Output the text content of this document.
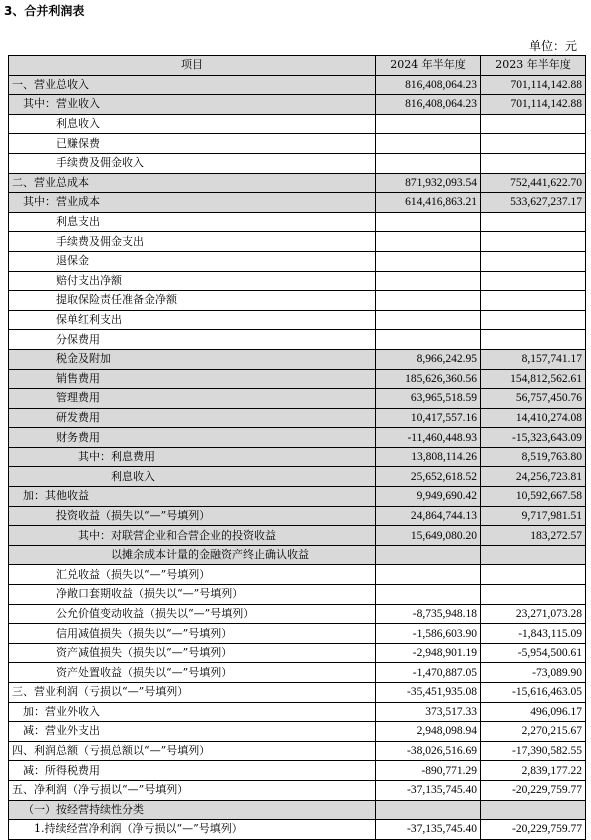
3、合并利润表
单位：元
项目	2024 年半年度	2023 年半年度
一、营业总收入	816,408,064.23	701,114,142.88
其中：营业收入	816,408,064.23	701,114,142.88
利息收入		
已赚保费		
手续费及佣金收入		
二、营业总成本	871,932,093.54	752,441,622.70
其中：营业成本	614,416,863.21	533,627,237.17
利息支出		
手续费及佣金支出		
退保金		
赔付支出净额		
提取保险责任准备金净额		
保单红利支出		
分保费用		
税金及附加	8,966,242.95	8,157,741.17
销售费用	185,626,360.56	154,812,562.61
管理费用	63,965,518.59	56,757,450.76
研发费用	10,417,557.16	14,410,274.08
财务费用	-11,460,448.93	-15,323,643.09
其中：利息费用	13,808,114.26	8,519,763.80
利息收入	25,652,618.52	24,256,723.81
加：其他收益	9,949,690.42	10,592,667.58
投资收益（损失以“—”号填列）	24,864,744.13	9,717,981.51
其中：对联营企业和合营企业的投资收益	15,649,080.20	183,272.57
以摊余成本计量的金融资产终止确认收益		
汇兑收益（损失以“—”号填列）		
净敞口套期收益（损失以“—”号填列）		
公允价值变动收益（损失以“—”号填列）	-8,735,948.18	23,271,073.28
信用减值损失（损失以“—”号填列）	-1,586,603.90	-1,843,115.09
资产减值损失（损失以“—”号填列）	-2,948,901.19	-5,954,500.61
资产处置收益（损失以“—”号填列）	-1,470,887.05	-73,089.90
三、营业利润（亏损以“—”号填列）	-35,451,935.08	-15,616,463.05
加：营业外收入	373,517.33	496,096.17
减：营业外支出	2,948,098.94	2,270,215.67
四、利润总额（亏损总额以“—”号填列）	-38,026,516.69	-17,390,582.55
减：所得税费用	-890,771.29	2,839,177.22
五、净利润（净亏损以“—”号填列）	-37,135,745.40	-20,229,759.77
（一）按经营持续性分类		
1.持续经营净利润（净亏损以“—”号填列）	-37,135,745.40	-20,229,759.77
